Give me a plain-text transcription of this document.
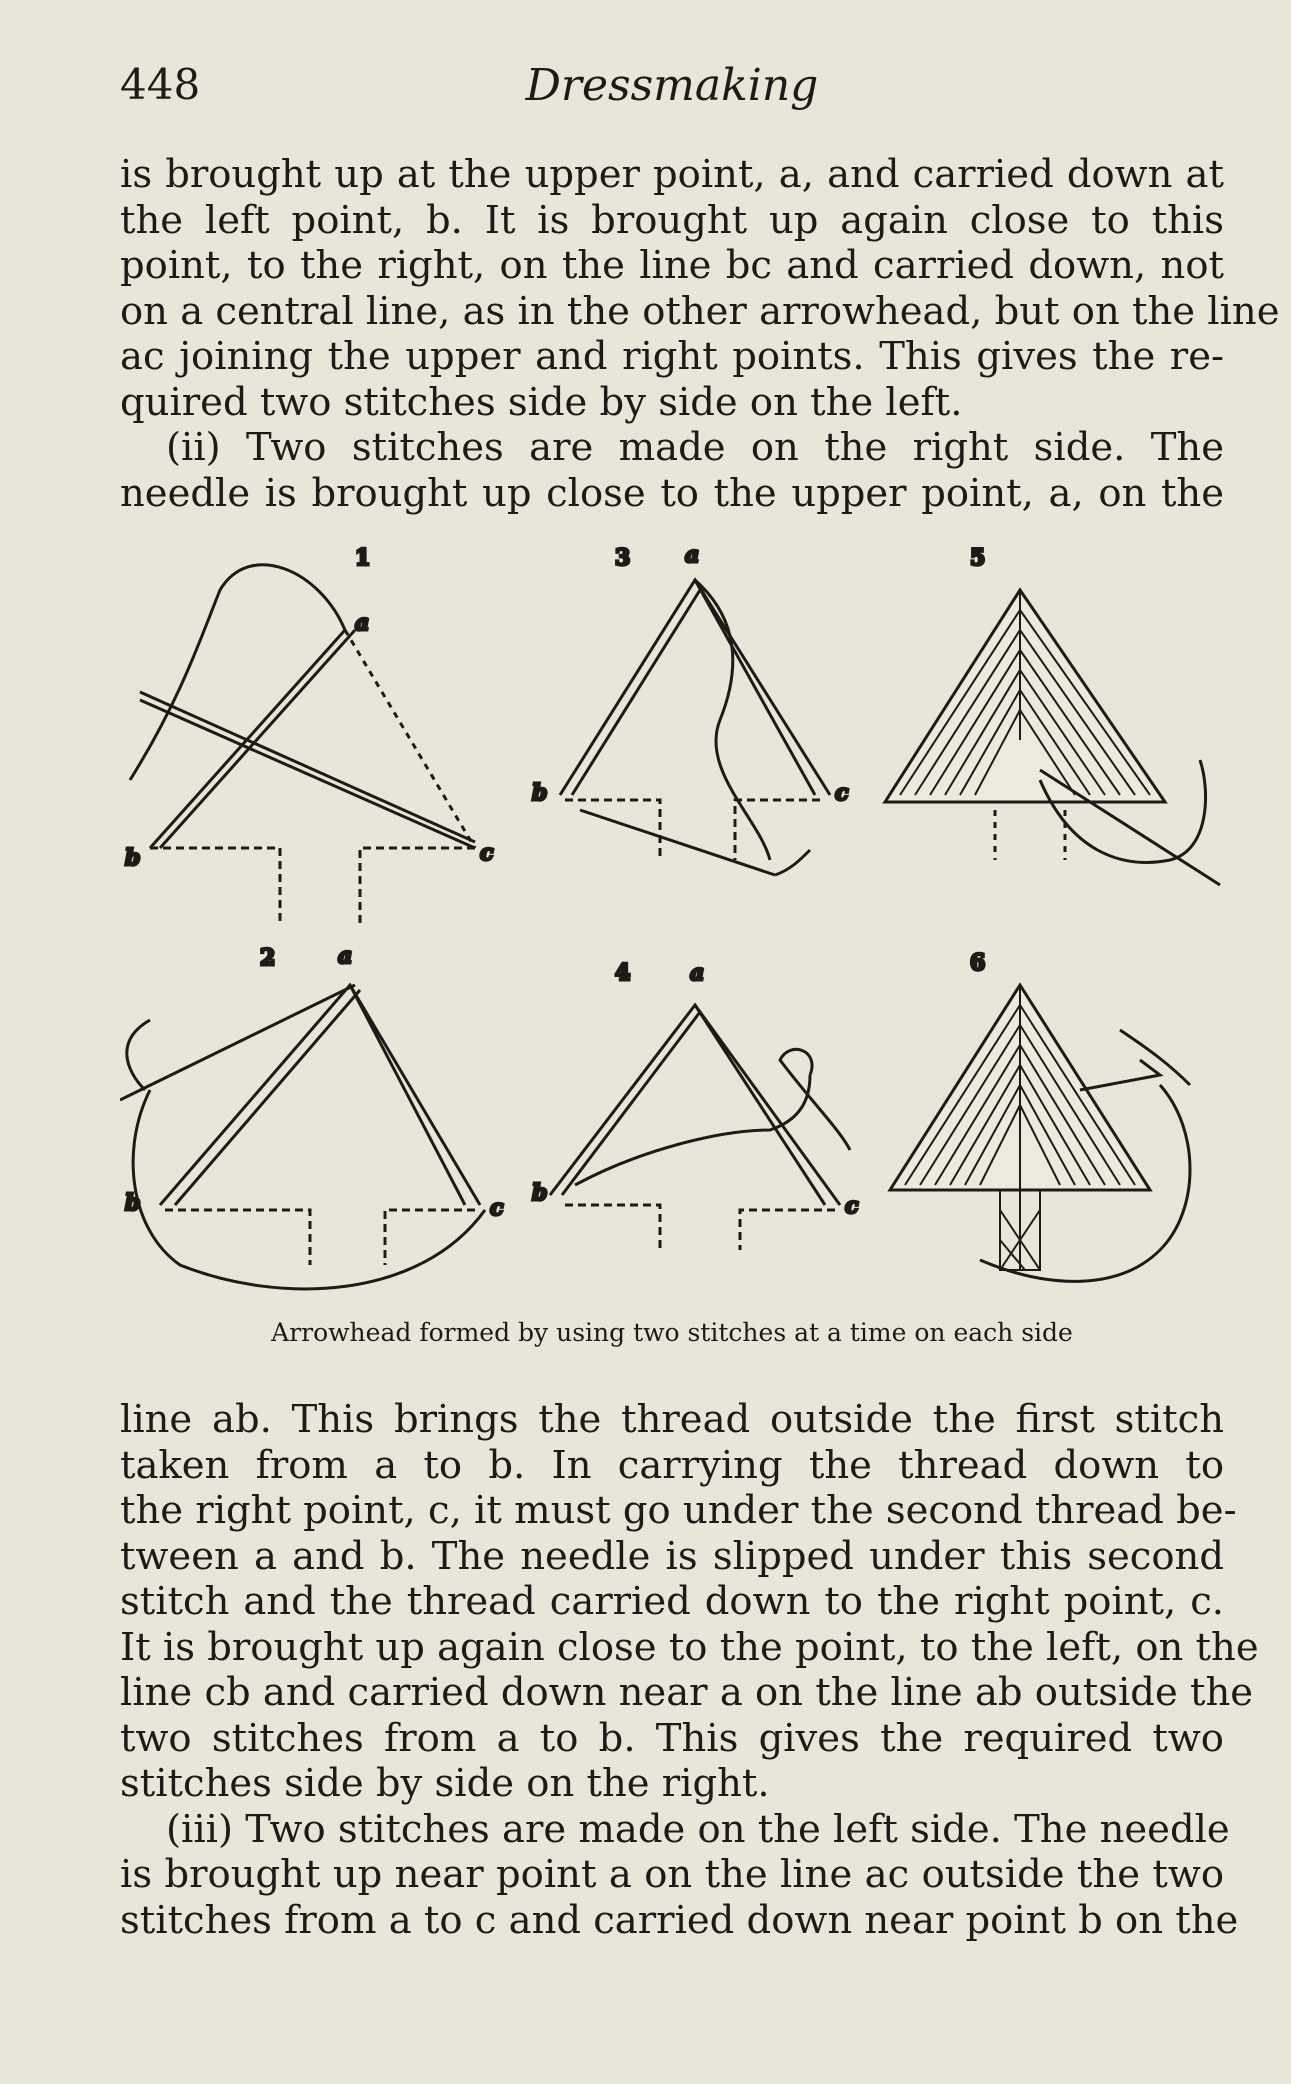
448	Dressmaking
is brought up at the upper point, a, and carried down at
the left point, b. It is brought up again close to this
point, to the right, on the line bc and carried down, not
on a central line, as in the other arrowhead, but on the line
ac joining the upper and right points. This gives the re-
quired two stitches side by side on the left.
(ii) Two stitches are made on the right side. The
needle is brought up close to the upper point, a, on the
1
a
b	c
3 a
b	c
5
2	a
b	c
4	a
b	c
6
Arrowhead formed by using two stitches at a time on each side
line ab. This brings the thread outside the first stitch
taken from a to b. In carrying the thread down to
the right point, c, it must go under the second thread be-
tween a and b. The needle is slipped under this second
stitch and the thread carried down to the right point, c.
It is brought up again close to the point, to the left, on the
line cb and carried down near a on the line ab outside the
two stitches from a to b. This gives the required two
stitches side by side on the right.
(iii) Two stitches are made on the left side. The needle
is brought up near point a on the line ac outside the two
stitches from a to c and carried down near point b on the
